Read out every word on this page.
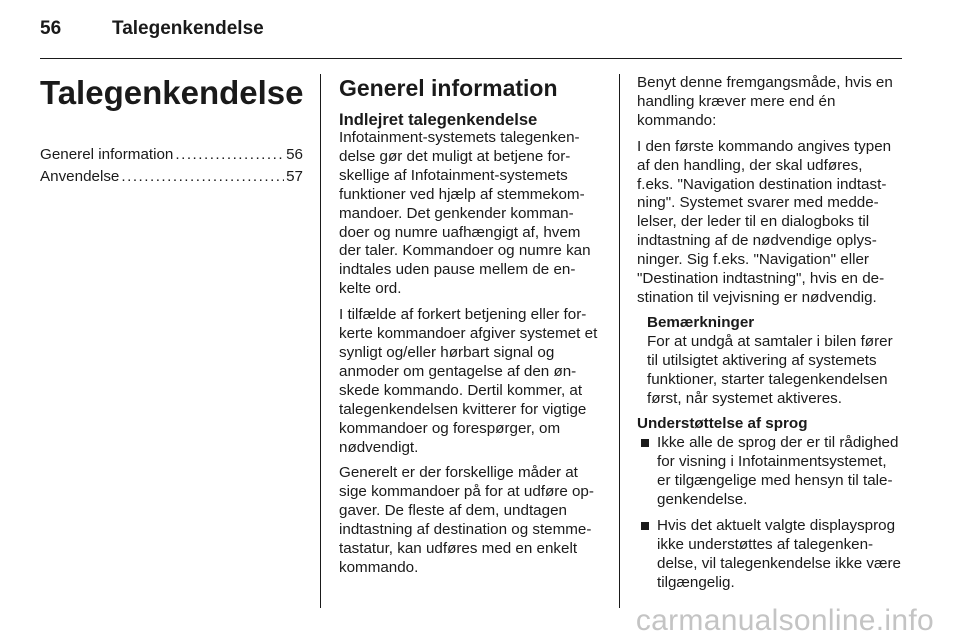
56	Talegenkendelse
Talegenkendelse
Generel information .....	56
Anvendelse .....	57
Generel information
Indlejret talegenkendelse

Infotainment-systemets talegenken- delse gør det muligt at betjene for- skellige af Infotainment-systemets funktioner ved hjælp af stemmekom- mandoer. Det genkender komman- doer og numre uafhængigt af, hvem der taler. Kommandoer og numre kan indtales uden pause mellem de en- kelte ord.

I tilfælde af forkert betjening eller for- kerte kommandoer afgiver systemet et synligt og/eller hørbart signal og anmoder om gentagelse af den øn- skede kommando. Dertil kommer, at talegenkendelsen kvitterer for vigtige kommandoer og forespørger, om nødvendigt.

Generelt er der forskellige måder at sige kommandoer på for at udføre op- gaver. De fleste af dem, undtagen indtastning af destination og stemme- tastatur, kan udføres med en enkelt kommando.

Benyt denne fremgangsmåde, hvis en handling kræver mere end én kommando:

I den første kommando angives typen af den handling, der skal udføres, f.eks. "Navigation destination indtast- ning". Systemet svarer med medde- lelser, der leder til en dialogboks til indtastning af de nødvendige oplys- ninger. Sig f.eks. "Navigation" eller "Destination indtastning", hvis en de- stination til vejvisning er nødvendig.

Bemærkninger
For at undgå at samtaler i bilen fører til utilsigtet aktivering af systemets funktioner, starter talegenkendelsen først, når systemet aktiveres.
Understøttelse af sprog
Ikke alle de sprog der er til rådighed for visning i Infotainmentsystemet, er tilgængelige med hensyn til tale- genkendelse.
Hvis det aktuelt valgte displaysprog ikke understøttes af talegenken- delse, vil talegenkendelse ikke være tilgængelig.
carmanualsonline.info
